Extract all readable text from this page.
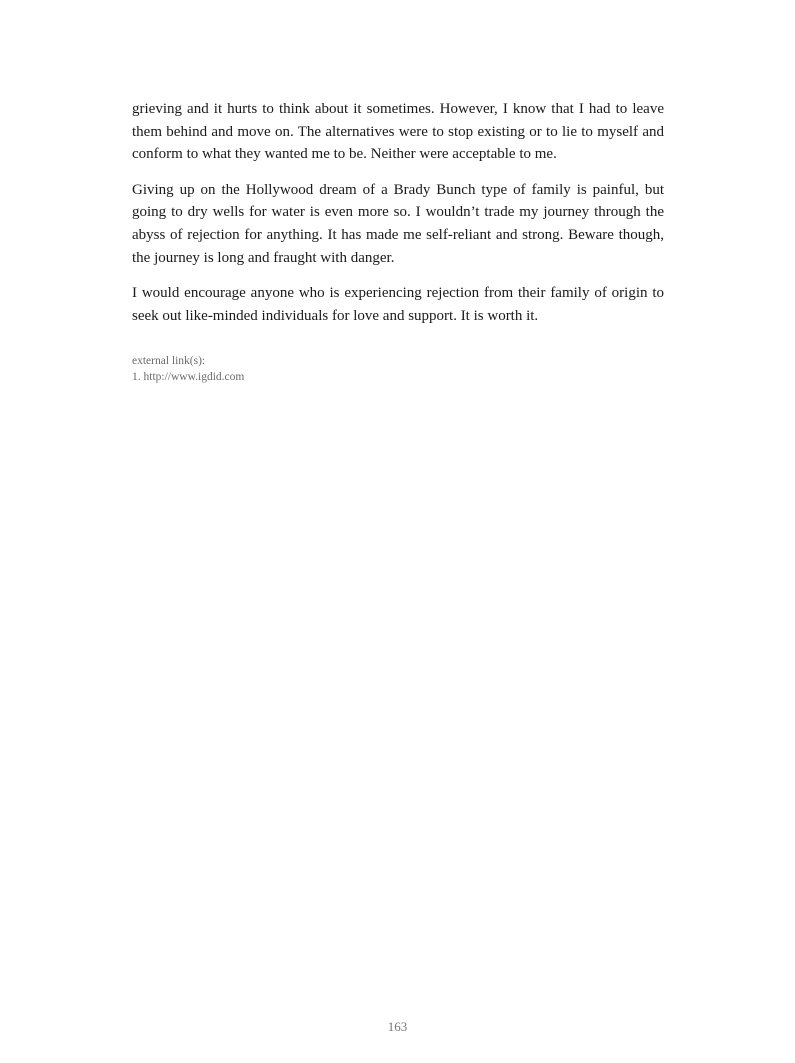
grieving and it hurts to think about it sometimes. However, I know that I had to leave them behind and move on. The alternatives were to stop existing or to lie to myself and conform to what they wanted me to be. Neither were acceptable to me.

Giving up on the Hollywood dream of a Brady Bunch type of family is painful, but going to dry wells for water is even more so. I wouldn’t trade my journey through the abyss of rejection for anything. It has made me self-reliant and strong. Beware though, the journey is long and fraught with danger.

I would encourage anyone who is experiencing rejection from their family of origin to seek out like-minded individuals for love and support. It is worth it.

external link(s):
1. http://www.igdid.com
163
